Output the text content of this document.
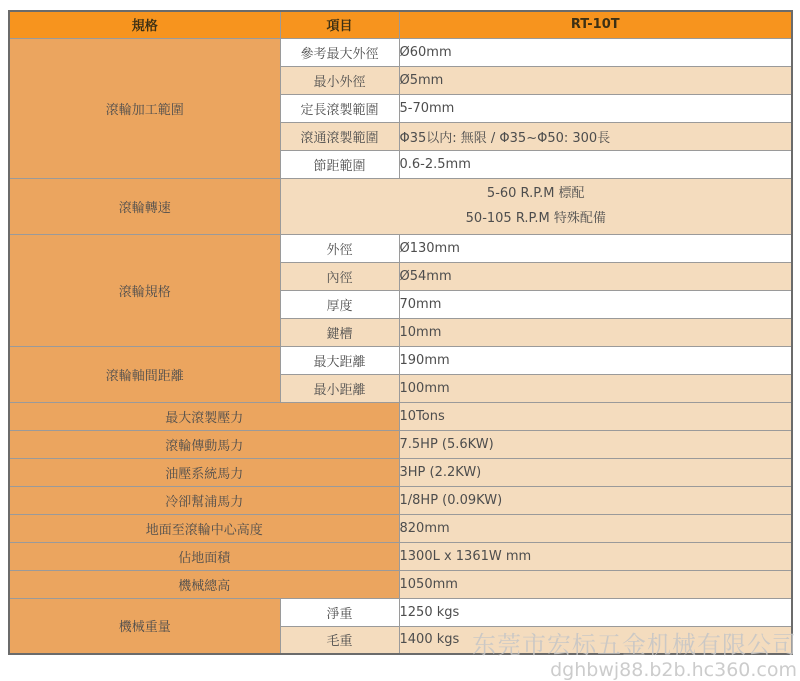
規格	項目	RT-10T
滾輪加工範圍	參考最大外徑	Ø60mm
	最小外徑	Ø5mm
	定長滾製範圍	5-70mm
	滾通滾製範圍	Φ35以内: 無限 / Φ35~Φ50: 300長
	節距範圍	0.6-2.5mm
滾輪轉速	5-60 R.P.M 標配
50-105 R.P.M 特殊配備	

滾輪規格	外徑	Ø130mm
	內徑	Ø54mm
	厚度	70mm
	鍵槽	10mm
滾輪軸間距離	最大距離	190mm
	最小距離	100mm
最大滾製壓力		10Tons
滾輪傳動馬力		7.5HP (5.6KW)
油壓系統馬力		3HP (2.2KW)
冷卻幫浦馬力		1/8HP (0.09KW)
地面至滾輪中心高度		820mm
佔地面積		1300L x 1361W mm
機械總高		1050mm
機械重量	淨重	1250 kgs
	毛重	1400 kgs 东莞市宏标五金机械有限公司
dghbwj88.b2b.hc360.com
